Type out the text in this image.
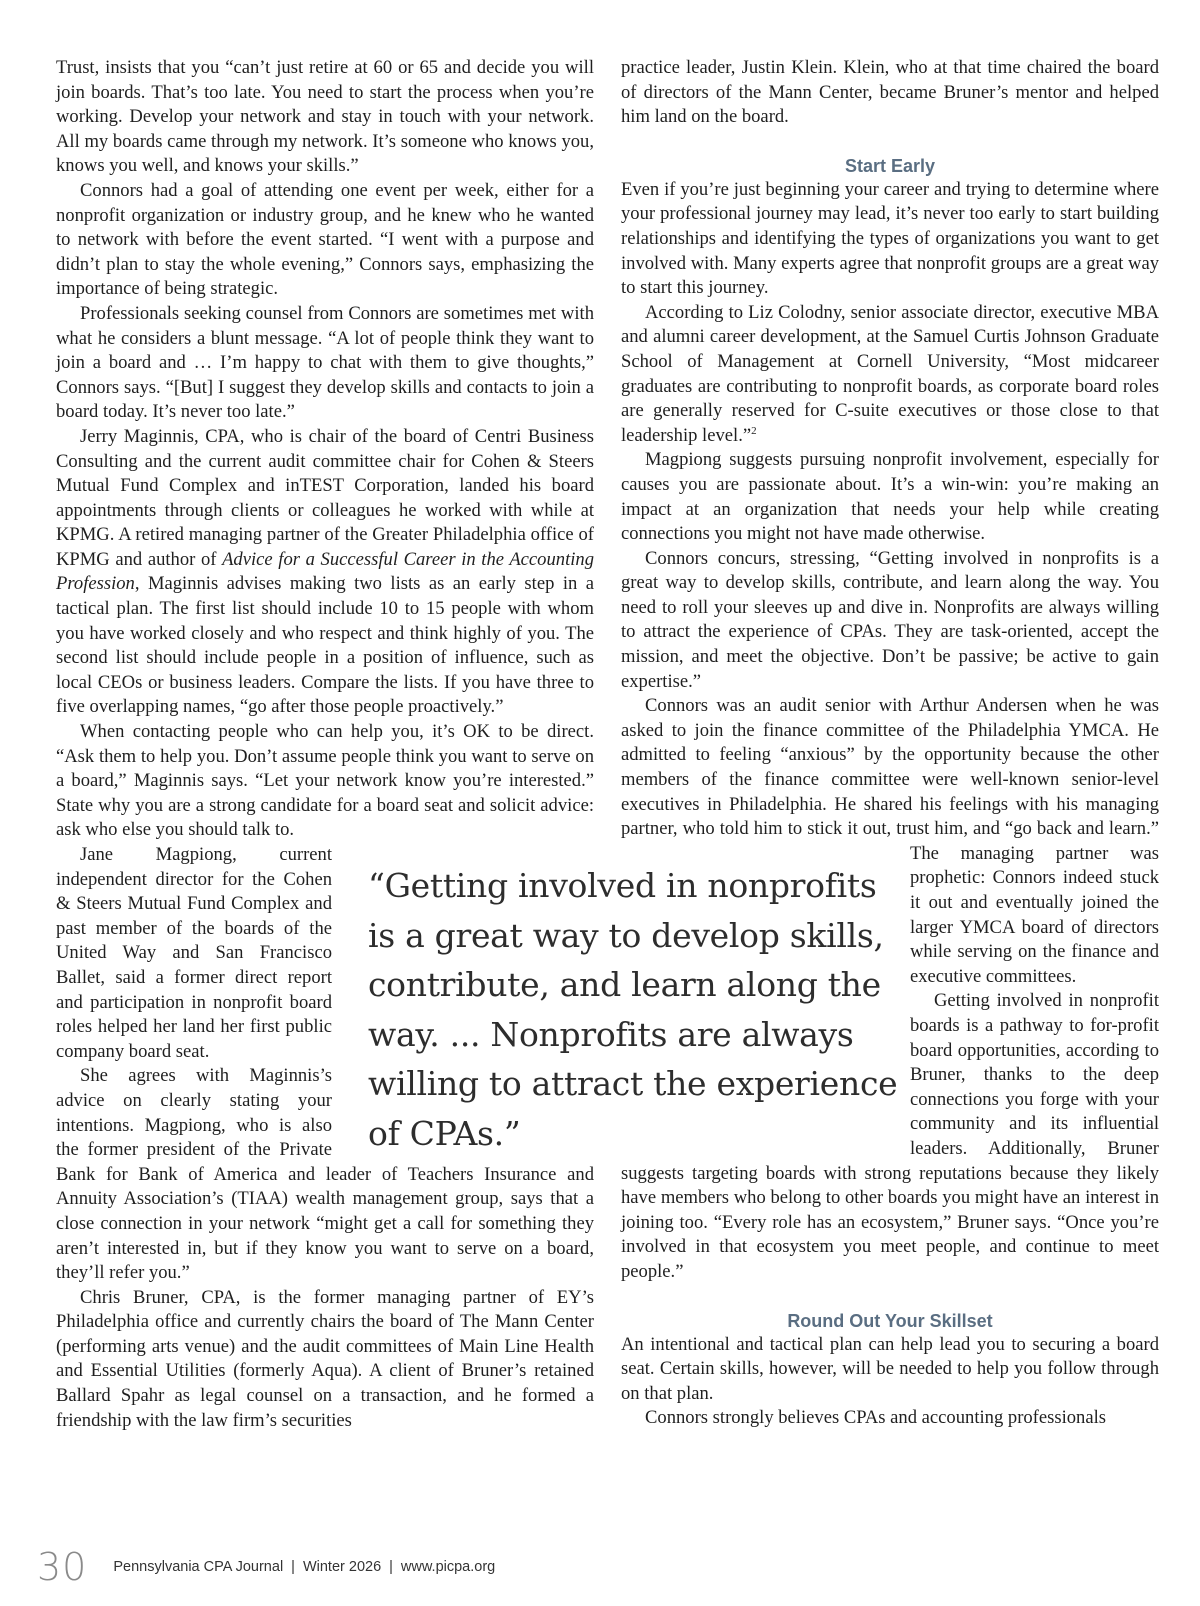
Trust, insists that you “can’t just retire at 60 or 65 and decide you will join boards. That’s too late. You need to start the process when you’re working. Develop your network and stay in touch with your network. All my boards came through my network. It’s someone who knows you, knows you well, and knows your skills.”

Connors had a goal of attending one event per week, either for a nonprofit organization or industry group, and he knew who he wanted to network with before the event started. “I went with a purpose and didn’t plan to stay the whole evening,” Connors says, emphasizing the importance of being strategic.

Professionals seeking counsel from Connors are sometimes met with what he considers a blunt message. “A lot of people think they want to join a board and … I’m happy to chat with them to give thoughts,” Connors says. “[But] I suggest they develop skills and contacts to join a board today. It’s never too late.”

Jerry Maginnis, CPA, who is chair of the board of Centri Business Consulting and the current audit committee chair for Cohen & Steers Mutual Fund Complex and inTEST Corporation, landed his board appointments through clients or colleagues he worked with while at KPMG. A retired managing partner of the Greater Philadelphia office of KPMG and author of Advice for a Successful Career in the Accounting Profession, Maginnis advises making two lists as an early step in a tactical plan. The first list should include 10 to 15 people with whom you have worked closely and who respect and think highly of you. The second list should include people in a position of influence, such as local CEOs or business leaders. Compare the lists. If you have three to five overlapping names, “go after those people proactively.”

When contacting people who can help you, it’s OK to be direct. “Ask them to help you. Don’t assume people think you want to serve on a board,” Maginnis says. “Let your network know you’re interested.” State why you are a strong candidate for a board seat and solicit advice: ask who else you should talk to.

Jane Magpiong, current independent director for the Cohen & Steers Mutual Fund Complex and past member of the boards of the United Way and San Francisco Ballet, said a former direct report and participation in nonprofit board roles helped her land her first public company board seat.

She agrees with Maginnis’s advice on clearly stating your intentions. Magpiong, who is also the former president of the Private Bank for Bank of America and leader of Teachers Insurance and Annuity Association’s (TIAA) wealth management group, says that a close connection in your network “might get a call for something they aren’t interested in, but if they know you want to serve on a board, they’ll refer you.”

Chris Bruner, CPA, is the former managing partner of EY’s Philadelphia office and currently chairs the board of The Mann Center (performing arts venue) and the audit committees of Main Line Health and Essential Utilities (formerly Aqua). A client of Bruner’s retained Ballard Spahr as legal counsel on a transaction, and he formed a friendship with the law firm’s securities

practice leader, Justin Klein. Klein, who at that time chaired the board of directors of the Mann Center, became Bruner’s mentor and helped him land on the board.

Start Early

Even if you’re just beginning your career and trying to determine where your professional journey may lead, it’s never too early to start building relationships and identifying the types of organizations you want to get involved with. Many experts agree that nonprofit groups are a great way to start this journey.

According to Liz Colodny, senior associate director, executive MBA and alumni career development, at the Samuel Curtis Johnson Graduate School of Management at Cornell University, “Most midcareer graduates are contributing to nonprofit boards, as corporate board roles are generally reserved for C-suite executives or those close to that leadership level.”$^2$

Magpiong suggests pursuing nonprofit involvement, especially for causes you are passionate about. It’s a win-win: you’re making an impact at an organization that needs your help while creating connections you might not have made otherwise.

Connors concurs, stressing, “Getting involved in nonprofits is a great way to develop skills, contribute, and learn along the way. You need to roll your sleeves up and dive in. Nonprofits are always willing to attract the experience of CPAs. They are task-oriented, accept the mission, and meet the objective. Don’t be passive; be active to gain expertise.”

Connors was an audit senior with Arthur Andersen when he was asked to join the finance committee of the Philadelphia YMCA. He admitted to feeling “anxious” by the opportunity because the other members of the finance committee were well-known senior-level executives in Philadelphia. He shared his feelings with his managing partner, who told him to stick it out, trust him, and “go back and learn.” The managing partner was prophetic: Connors indeed stuck it out and eventually joined the larger YMCA board of directors while serving on the finance and executive committees.

Getting involved in nonprofit boards is a pathway to for-profit board opportunities, according to Bruner, thanks to the deep connections you forge with your community and its influential leaders. Additionally, Bruner suggests targeting boards with strong reputations because they likely have members who belong to other boards you might have an interest in joining too. “Every role has an ecosystem,” Bruner says. “Once you’re involved in that ecosystem you meet people, and continue to meet people.”

Round Out Your Skillset

An intentional and tactical plan can help lead you to securing a board seat. Certain skills, however, will be needed to help you follow through on that plan.

Connors strongly believes CPAs and accounting professionals

“Getting involved in nonprofits is a great way to develop skills, contribute, and learn along the way. ... Nonprofits are always willing to attract the experience of CPAs.”

30 Pennsylvania CPA Journal | Winter 2026 | www.picpa.org
